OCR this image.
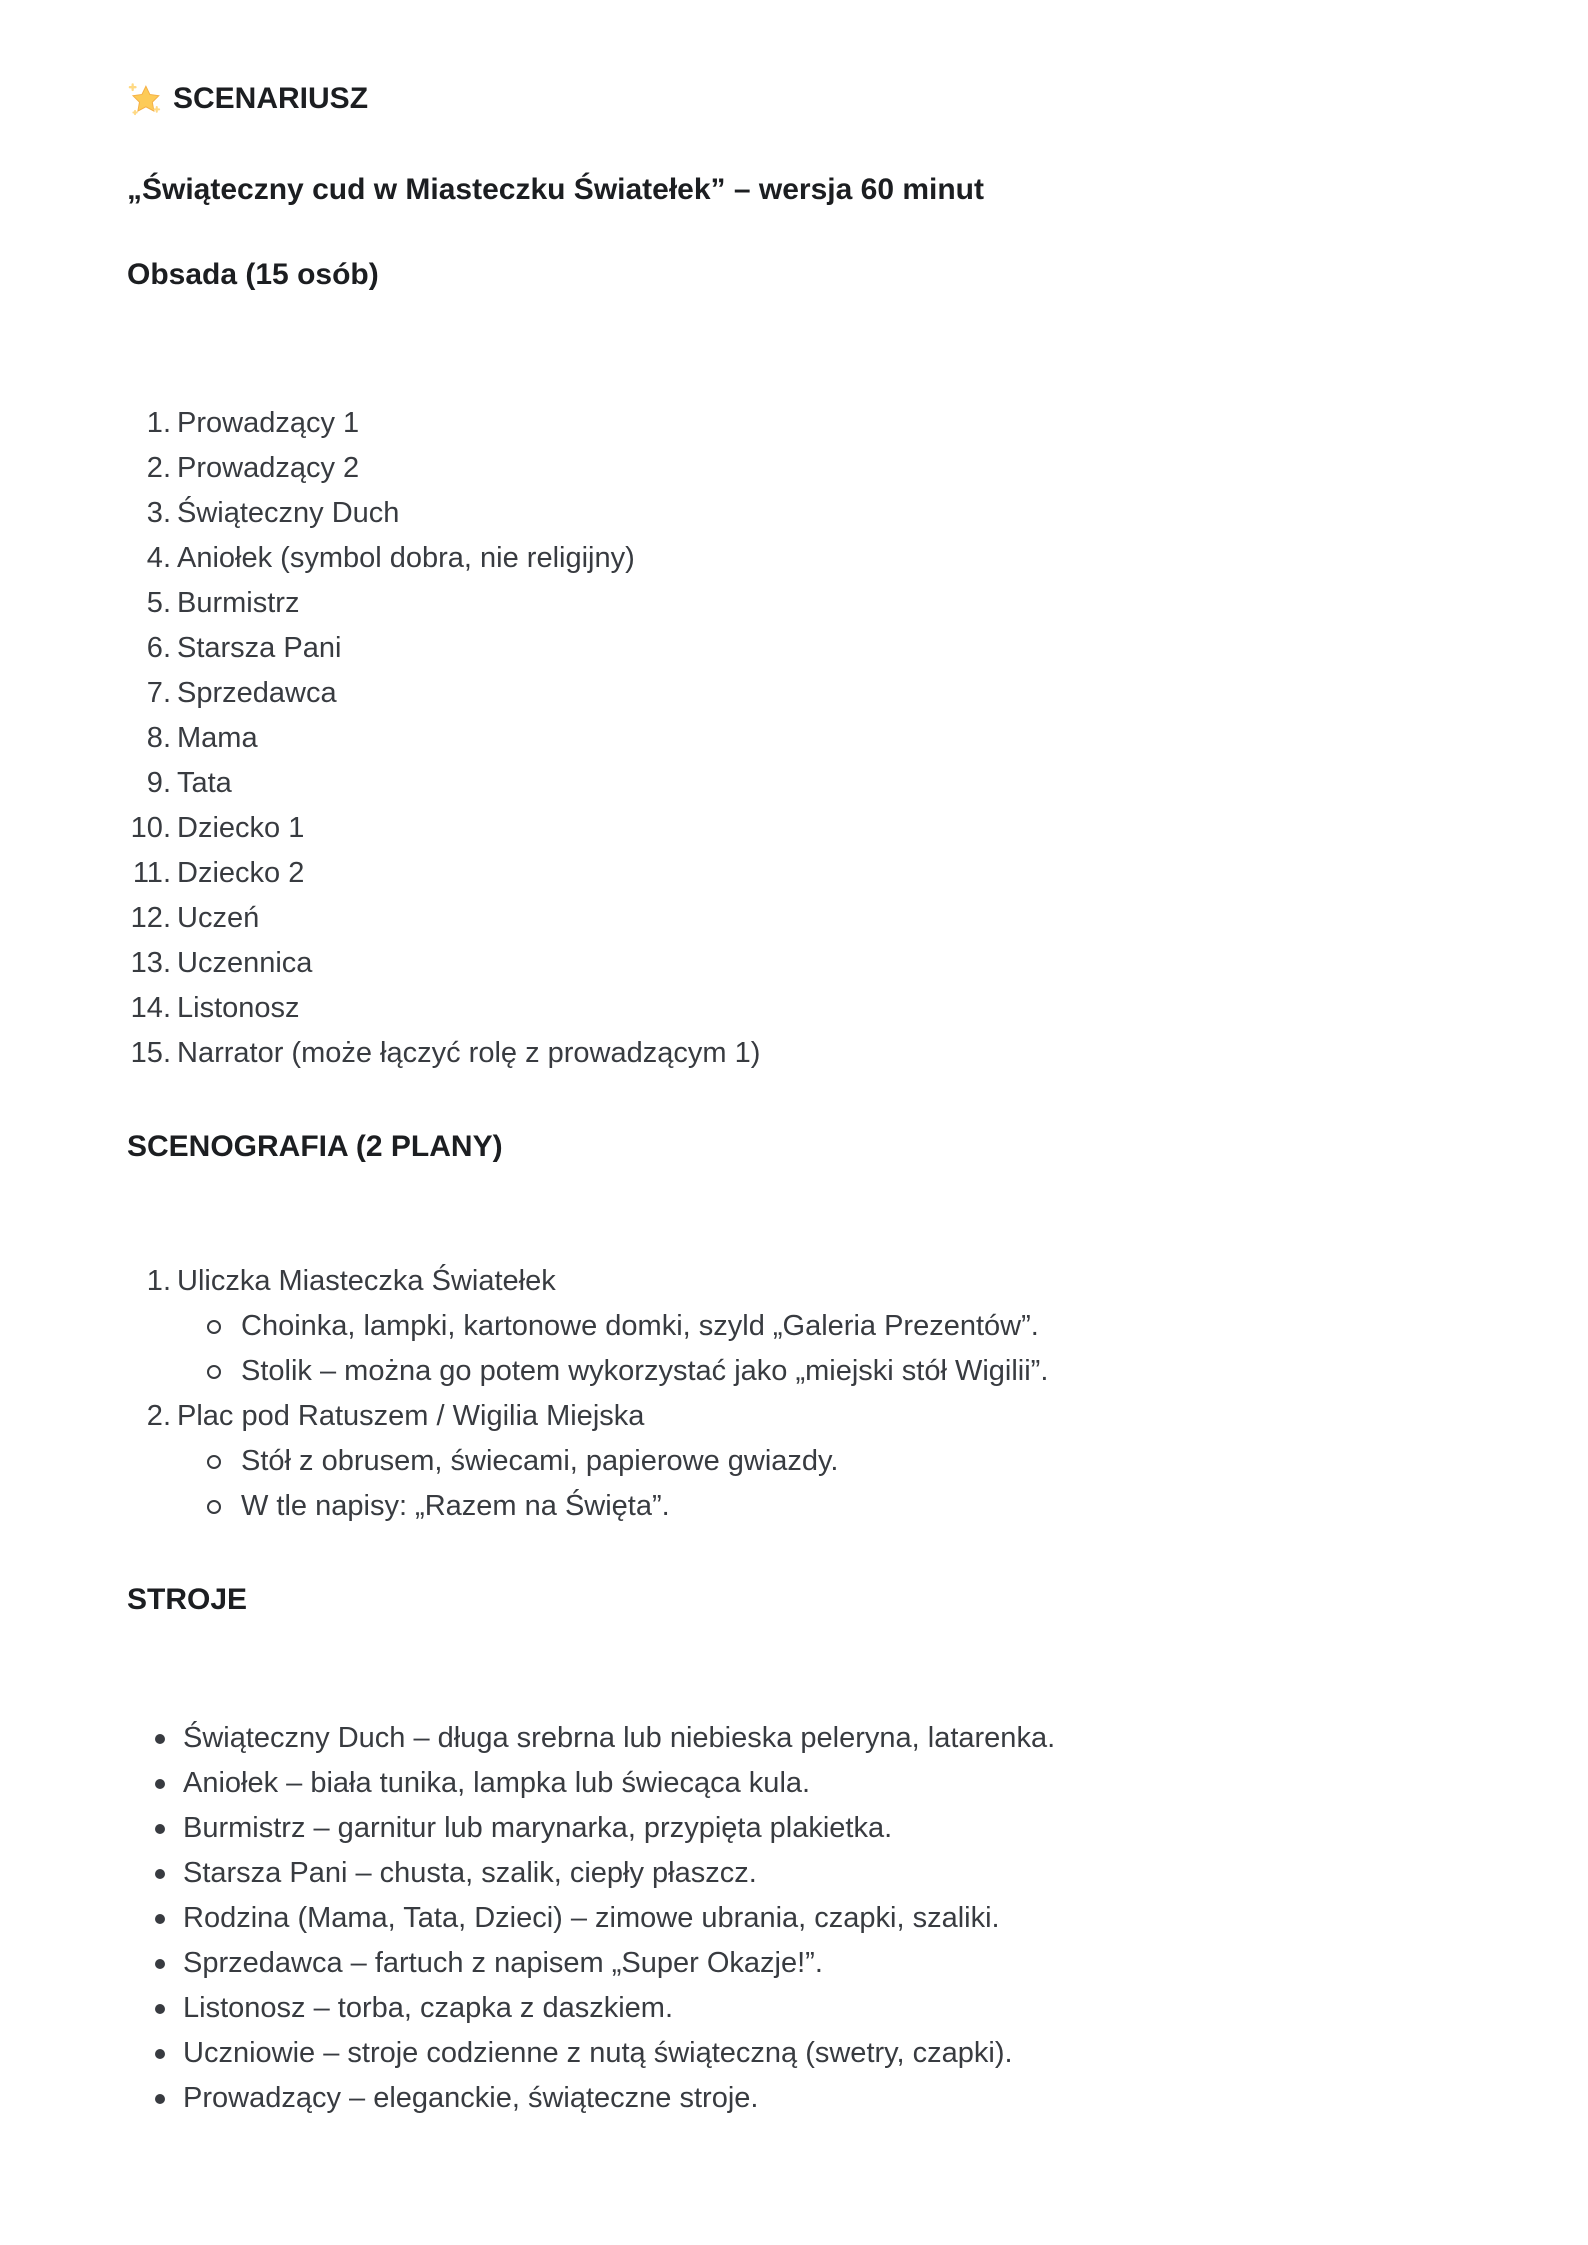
SCENARIUSZ

„Świąteczny cud w Miasteczku Światełek” – wersja 60 minut

Obsada (15 osób)

Prowadzący 1
Prowadzący 2
Świąteczny Duch
Aniołek (symbol dobra, nie religijny)
Burmistrz
Starsza Pani
Sprzedawca
Mama
Tata
Dziecko 1
Dziecko 2
Uczeń
Uczennica
Listonosz
Narrator (może łączyć rolę z prowadzącym 1)

SCENOGRAFIA (2 PLANY)

Uliczka Miasteczka Światełek
Choinka, lampki, kartonowe domki, szyld „Galeria Prezentów”.
Stolik – można go potem wykorzystać jako „miejski stół Wigilii”.
Plac pod Ratuszem / Wigilia Miejska
Stół z obrusem, świecami, papierowe gwiazdy.
W tle napisy: „Razem na Święta”.

STROJE

Świąteczny Duch – długa srebrna lub niebieska peleryna, latarenka.
Aniołek – biała tunika, lampka lub świecąca kula.
Burmistrz – garnitur lub marynarka, przypięta plakietka.
Starsza Pani – chusta, szalik, ciepły płaszcz.
Rodzina (Mama, Tata, Dzieci) – zimowe ubrania, czapki, szaliki.
Sprzedawca – fartuch z napisem „Super Okazje!”.
Listonosz – torba, czapka z daszkiem.
Uczniowie – stroje codzienne z nutą świąteczną (swetry, czapki).
Prowadzący – eleganckie, świąteczne stroje.
